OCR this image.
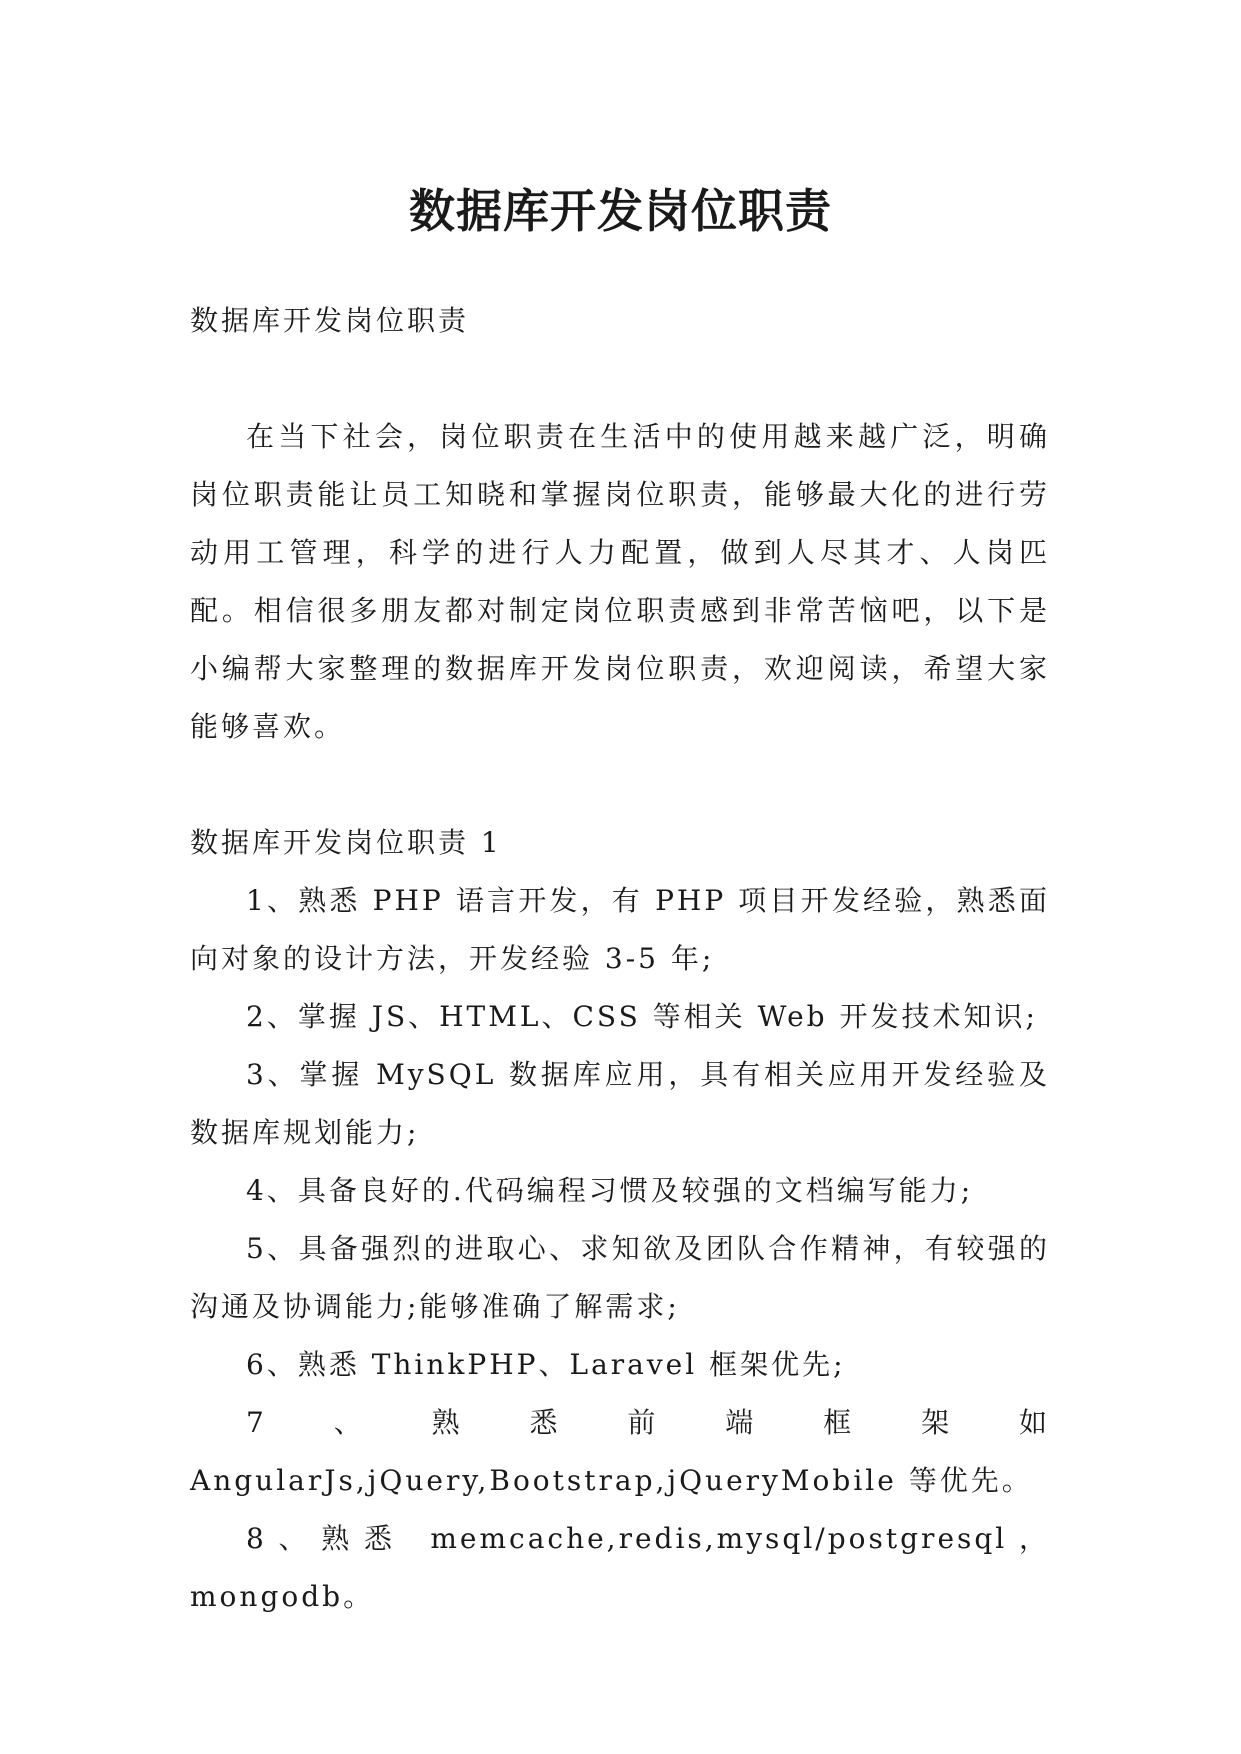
数据库开发岗位职责

数据库开发岗位职责

在当下社会，岗位职责在生活中的使用越来越广泛，明确岗位职责能让员工知晓和掌握岗位职责，能够最大化的进行劳动用工管理，科学的进行人力配置，做到人尽其才、人岗匹配。相信很多朋友都对制定岗位职责感到非常苦恼吧，以下是小编帮大家整理的数据库开发岗位职责，欢迎阅读，希望大家能够喜欢。

数据库开发岗位职责 1

1、熟悉 PHP 语言开发，有 PHP 项目开发经验，熟悉面向对象的设计方法，开发经验 3-5 年;

2、掌握 JS、HTML、CSS 等相关 Web 开发技术知识;

3、掌握 MySQL 数据库应用，具有相关应用开发经验及数据库规划能力;

4、具备良好的.代码编程习惯及较强的文档编写能力;

5、具备强烈的进取心、求知欲及团队合作精神，有较强的沟通及协调能力;能够准确了解需求;

6、熟悉 ThinkPHP、Laravel 框架优先;

7、熟悉前端框架如 AngularJs,jQuery,Bootstrap,jQueryMobile 等优先。

8、熟悉 memcache,redis,mysql/postgresql，mongodb。
